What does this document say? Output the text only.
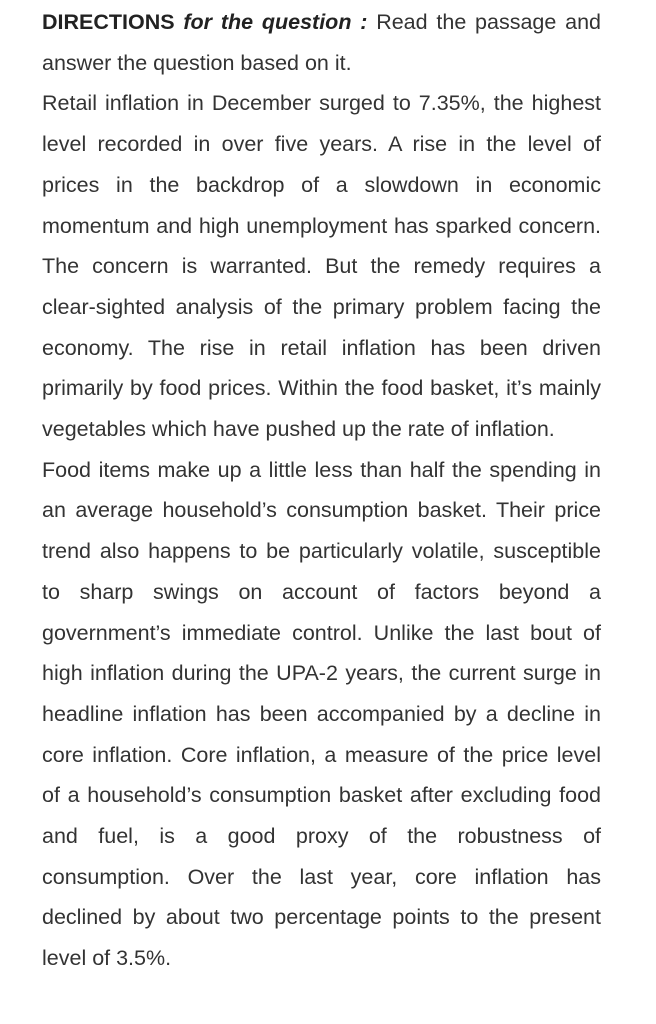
DIRECTIONS for the question : Read the passage and answer the question based on it.

Retail inflation in December surged to 7.35%, the highest level recorded in over five years. A rise in the level of prices in the backdrop of a slowdown in economic momentum and high unemployment has sparked concern. The concern is warranted. But the remedy requires a clear-sighted analysis of the primary problem facing the economy. The rise in retail inflation has been driven primarily by food prices. Within the food basket, it’s mainly vegetables which have pushed up the rate of inflation.

Food items make up a little less than half the spending in an average household’s consumption basket. Their price trend also happens to be particularly volatile, susceptible to sharp swings on account of factors beyond a government’s immediate control. Unlike the last bout of high inflation during the UPA-2 years, the current surge in headline inflation has been accompanied by a decline in core inflation. Core inflation, a measure of the price level of a household’s consumption basket after excluding food and fuel, is a good proxy of the robustness of consumption. Over the last year, core inflation has declined by about two percentage points to the present level of 3.5%.
